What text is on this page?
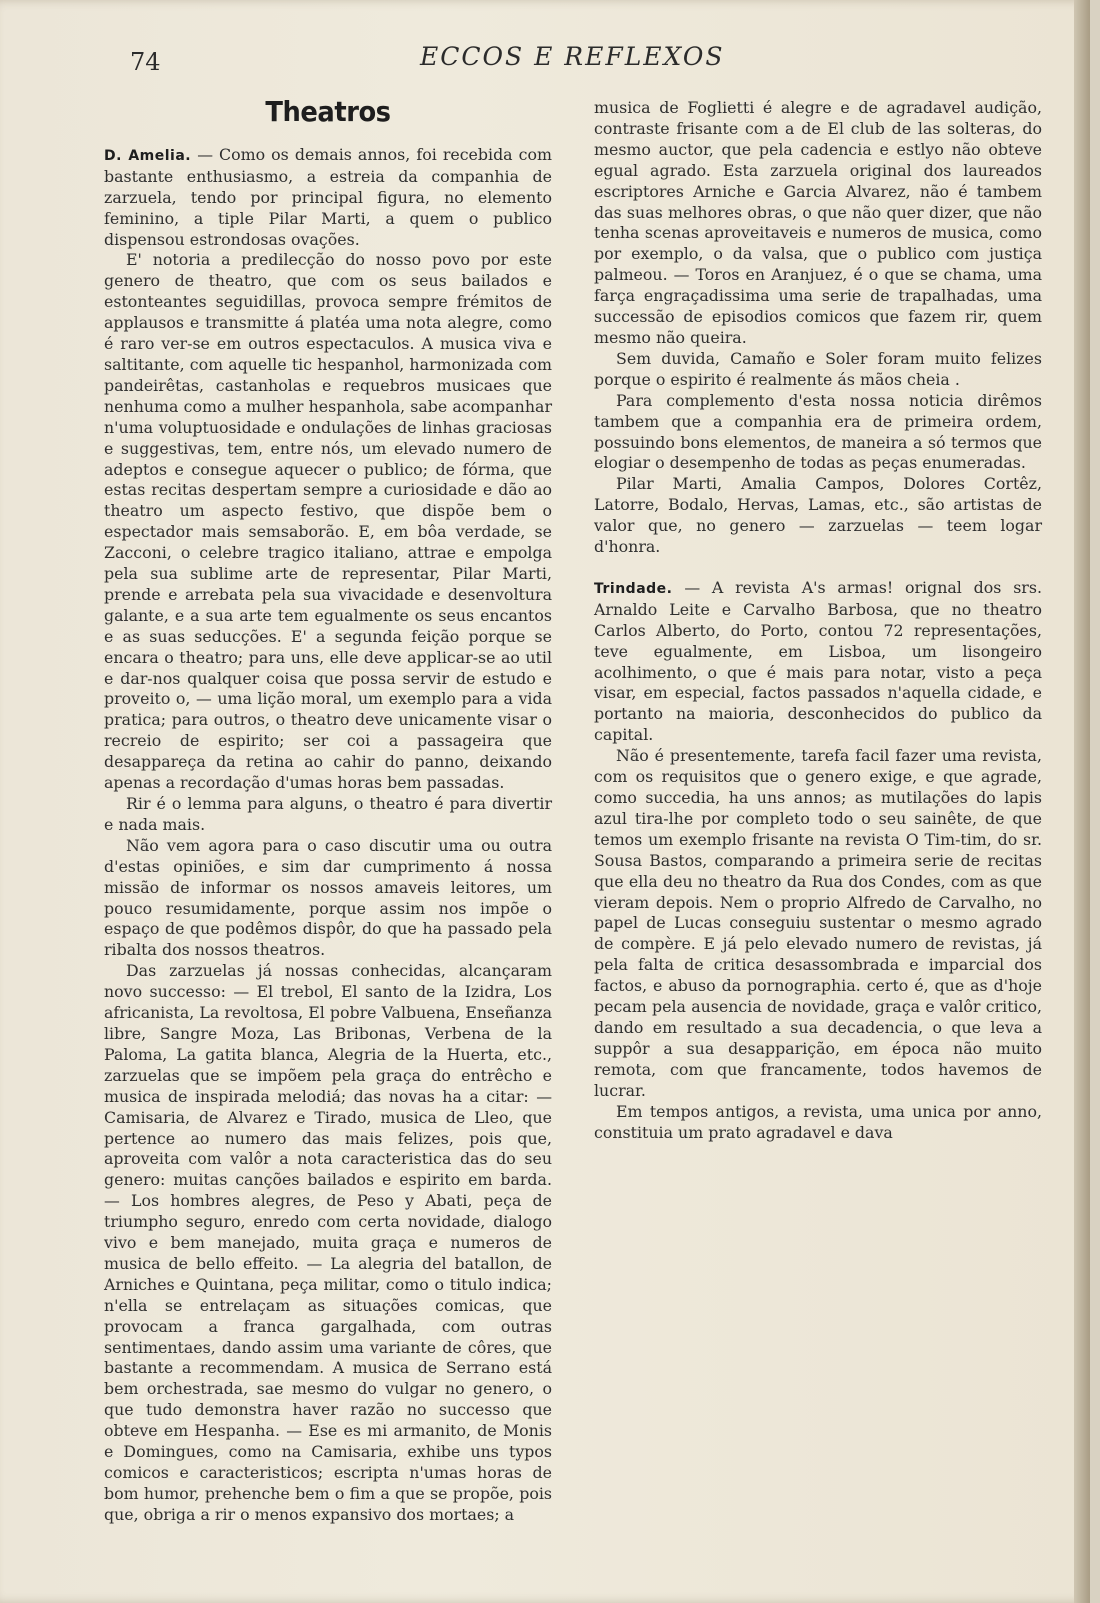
74	ECCOS E REFLEXOS
Theatros

D. Amelia. — Como os demais annos, foi recebida com bastante enthusiasmo, a estreia da companhia de zarzuela, tendo por principal figura, no elemento feminino, a tiple Pilar Marti, a quem o publico dispensou estrondosas ovações.

E' notoria a predilecção do nosso povo por este genero de theatro, que com os seus bailados e estonteantes seguidillas, provoca sempre frémitos de applausos e transmitte á platéa uma nota alegre, como é raro ver-se em outros espectaculos. A musica viva e saltitante, com aquelle tic hespanhol, harmonizada com pandeirêtas, castanholas e requebros musicaes que nenhuma como a mulher hespanhola, sabe acompanhar n'uma voluptuosidade e ondulações de linhas graciosas e suggestivas, tem, entre nós, um elevado numero de adeptos e consegue aquecer o publico; de fórma, que estas recitas despertam sempre a curiosidade e dão ao theatro um aspecto festivo, que dispõe bem o espectador mais semsaborão. E, em bôa verdade, se Zacconi, o celebre tragico italiano, attrae e empolga pela sua sublime arte de representar, Pilar Marti, prende e arrebata pela sua vivacidade e desenvoltura galante, e a sua arte tem egualmente os seus encantos e as suas seducções. E' a segunda feição porque se encara o theatro; para uns, elle deve applicar-se ao util e dar-nos qualquer coisa que possa servir de estudo e proveito o, — uma lição moral, um exemplo para a vida pratica; para outros, o theatro deve unicamente visar o recreio de espirito; ser coi a passageira que desappareça da retina ao cahir do panno, deixando apenas a recordação d'umas horas bem passadas.

Rir é o lemma para alguns, o theatro é para divertir e nada mais.

Não vem agora para o caso discutir uma ou outra d'estas opiniões, e sim dar cumprimento á nossa missão de informar os nossos amaveis leitores, um pouco resumidamente, porque assim nos impõe o espaço de que podêmos dispôr, do que ha passado pela ribalta dos nossos theatros.

Das zarzuelas já nossas conhecidas, alcançaram novo successo: — El trebol, El santo de la Izidra, Los africanista, La revoltosa, El pobre Valbuena, Enseñanza libre, Sangre Moza, Las Bribonas, Verbena de la Paloma, La gatita blanca, Alegria de la Huerta, etc., zarzuelas que se impõem pela graça do entrêcho e musica de inspirada melodiá; das novas ha a citar: — Camisaria, de Alvarez e Tirado, musica de Lleo, que pertence ao numero das mais felizes, pois que, aproveita com valôr a nota caracteristica das do seu genero: muitas canções bailados e espirito em barda. — Los hombres alegres, de Peso y Abati, peça de triumpho seguro, enredo com certa novidade, dialogo vivo e bem manejado, muita graça e numeros de musica de bello effeito. — La alegria del batallon, de Arniches e Quintana, peça militar, como o titulo indica; n'ella se entrelaçam as situações comicas, que provocam a franca gargalhada, com outras sentimentaes, dando assim uma variante de côres, que bastante a recommendam. A musica de Serrano está bem orchestrada, sae mesmo do vulgar no genero, o que tudo demonstra haver razão no successo que obteve em Hespanha. — Ese es mi armanito, de Monis e Domingues, como na Camisaria, exhibe uns typos comicos e caracteristicos; escripta n'umas horas de bom humor, prehenche bem o fim a que se propõe, pois que, obriga a rir o menos expansivo dos mortaes; a

musica de Foglietti é alegre e de agradavel audição, contraste frisante com a de El club de las solteras, do mesmo auctor, que pela cadencia e estlyo não obteve egual agrado. Esta zarzuela original dos laureados escriptores Arniche e Garcia Alvarez, não é tambem das suas melhores obras, o que não quer dizer, que não tenha scenas aproveitaveis e numeros de musica, como por exemplo, o da valsa, que o publico com justiça palmeou. — Toros en Aranjuez, é o que se chama, uma farça engraçadissima uma serie de trapalhadas, uma successão de episodios comicos que fazem rir, quem mesmo não queira.

Sem duvida, Camaño e Soler foram muito felizes porque o espirito é realmente ás mãos cheia .

Para complemento d'esta nossa noticia dirêmos tambem que a companhia era de primeira ordem, possuindo bons elementos, de maneira a só termos que elogiar o desempenho de todas as peças enumeradas.

Pilar Marti, Amalia Campos, Dolores Cortêz, Latorre, Bodalo, Hervas, Lamas, etc., são artistas de valor que, no genero — zarzuelas — teem logar d'honra.

Trindade. — A revista A's armas! orignal dos srs. Arnaldo Leite e Carvalho Barbosa, que no theatro Carlos Alberto, do Porto, contou 72 representações, teve egualmente, em Lisboa, um lisongeiro acolhimento, o que é mais para notar, visto a peça visar, em especial, factos passados n'aquella cidade, e portanto na maioria, desconhecidos do publico da capital.

Não é presentemente, tarefa facil fazer uma revista, com os requisitos que o genero exige, e que agrade, como succedia, ha uns annos; as mutilações do lapis azul tira-lhe por completo todo o seu sainête, de que temos um exemplo frisante na revista O Tim-tim, do sr. Sousa Bastos, comparando a primeira serie de recitas que ella deu no theatro da Rua dos Condes, com as que vieram depois. Nem o proprio Alfredo de Carvalho, no papel de Lucas conseguiu sustentar o mesmo agrado de compère. E já pelo elevado numero de revistas, já pela falta de critica desassombrada e imparcial dos factos, e abuso da pornographia. certo é, que as d'hoje pecam pela ausencia de novidade, graça e valôr critico, dando em resultado a sua decadencia, o que leva a suppôr a sua desapparição, em época não muito remota, com que francamente, todos havemos de lucrar.

Em tempos antigos, a revista, uma unica por anno, constituia um prato agradavel e dava
